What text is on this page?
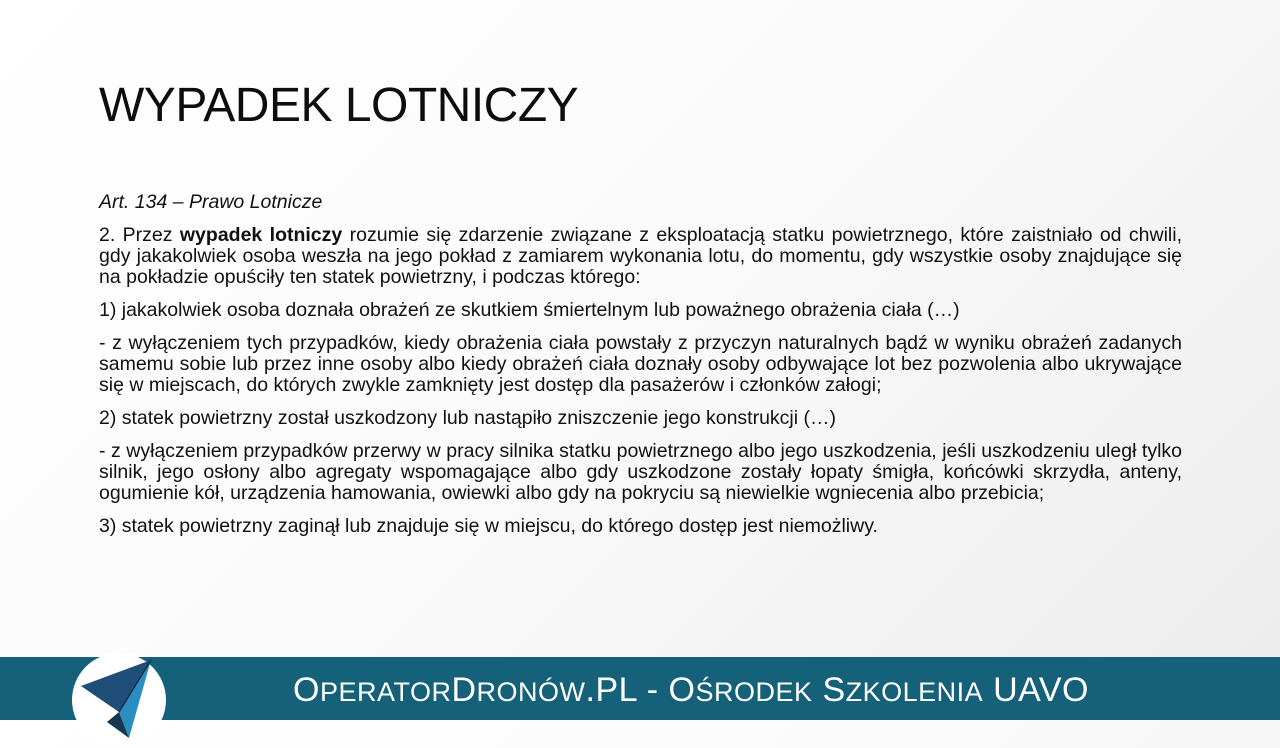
WYPADEK LOTNICZY

Art. 134 – Prawo Lotnicze

2. Przez wypadek lotniczy rozumie się zdarzenie związane z eksploatacją statku powietrznego, które zaistniało od chwili, gdy jakakolwiek osoba weszła na jego pokład z zamiarem wykonania lotu, do momentu, gdy wszystkie osoby znajdujące się na pokładzie opuściły ten statek powietrzny, i podczas którego:

1) jakakolwiek osoba doznała obrażeń ze skutkiem śmiertelnym lub poważnego obrażenia ciała (…)

- z wyłączeniem tych przypadków, kiedy obrażenia ciała powstały z przyczyn naturalnych bądź w wyniku obrażeń zadanych samemu sobie lub przez inne osoby albo kiedy obrażeń ciała doznały osoby odbywające lot bez pozwolenia albo ukrywające się w miejscach, do których zwykle zamknięty jest dostęp dla pasażerów i członków załogi;

2) statek powietrzny został uszkodzony lub nastąpiło zniszczenie jego konstrukcji (…)

- z wyłączeniem przypadków przerwy w pracy silnika statku powietrznego albo jego uszkodzenia, jeśli uszkodzeniu uległ tylko silnik, jego osłony albo agregaty wspomagające albo gdy uszkodzone zostały łopaty śmigła, końcówki skrzydła, anteny, ogumienie kół, urządzenia hamowania, owiewki albo gdy na pokryciu są niewielkie wgniecenia albo przebicia;

3) statek powietrzny zaginął lub znajduje się w miejscu, do którego dostęp jest niemożliwy.

OPERATORDRONÓW.PL - OŚRODEK SZKOLENIA UAVO
